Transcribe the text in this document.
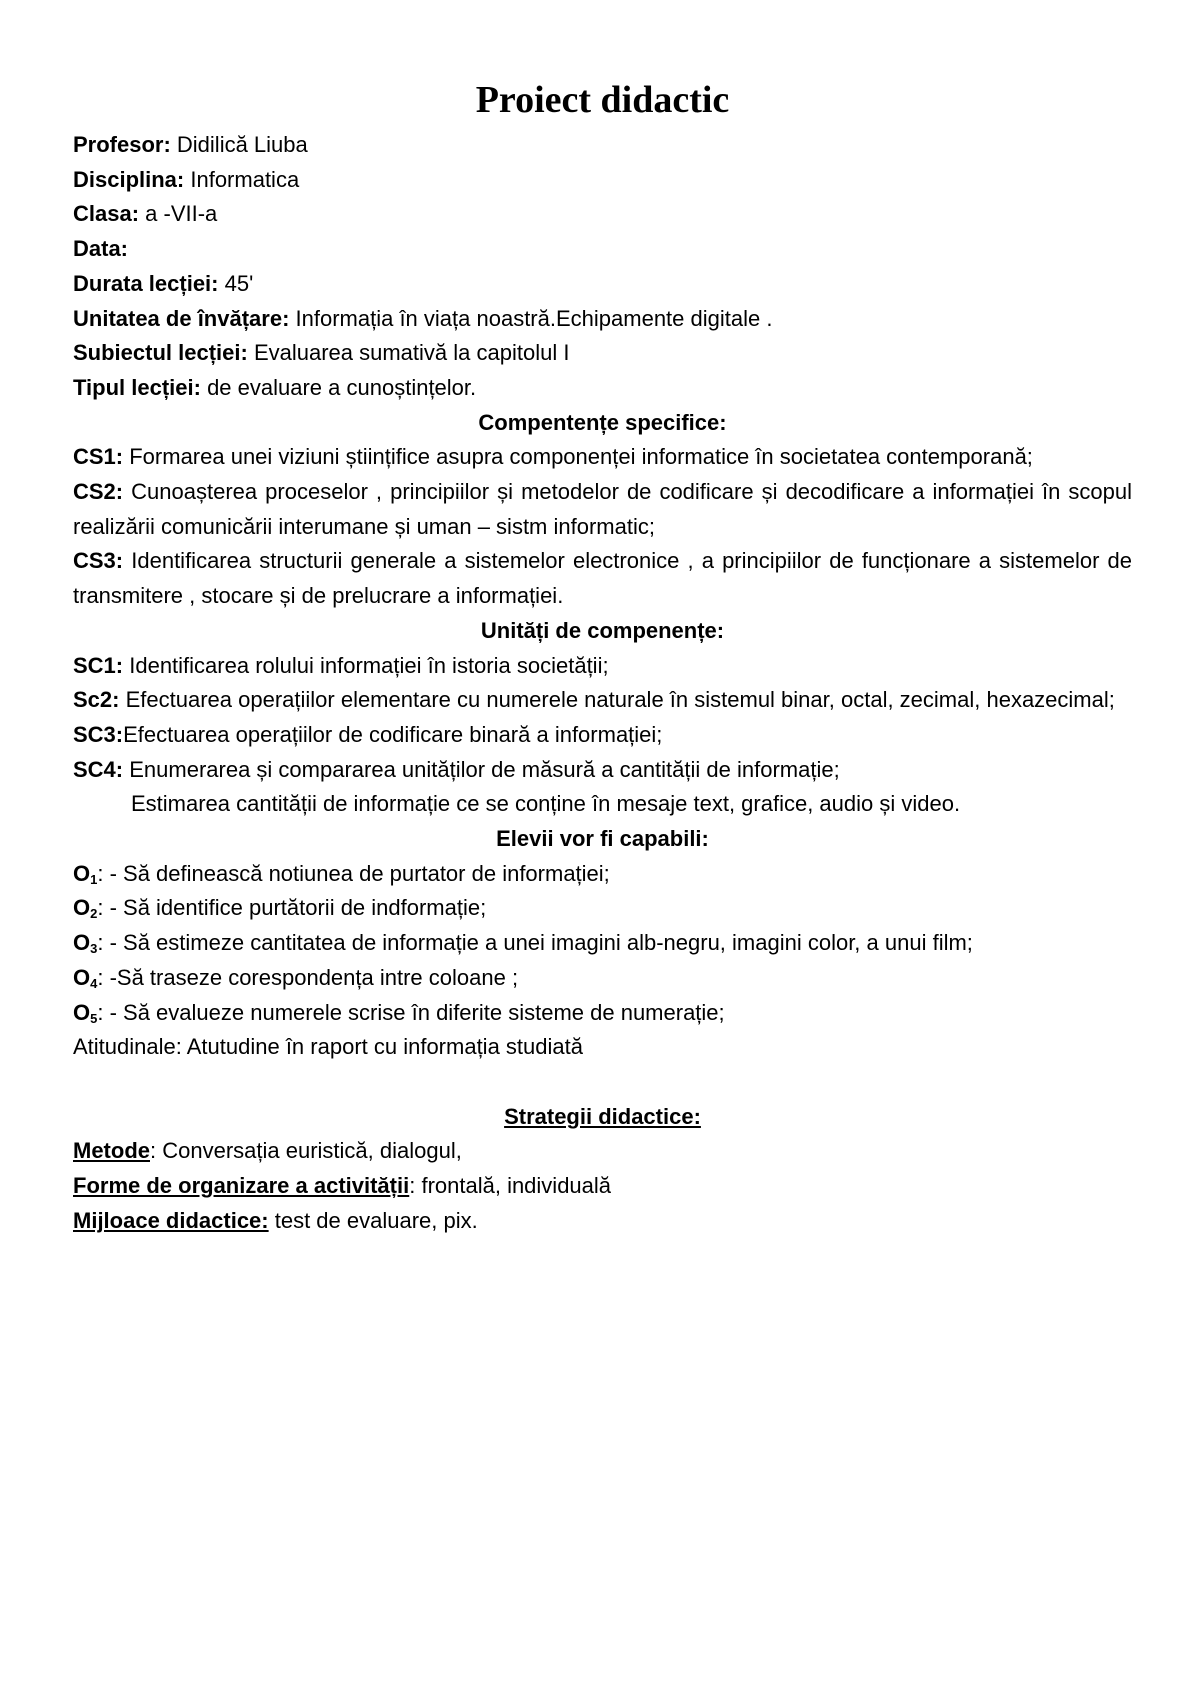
Proiect didactic
Profesor: Didilică Liuba
Disciplina: Informatica
Clasa: a -VII-a
Data:
Durata lecției: 45'
Unitatea de învățare: Informația în viața noastră.Echipamente digitale .
Subiectul lecției: Evaluarea sumativă la capitolul I
Tipul lecției: de evaluare a cunoștințelor.
Compentențe specifice:
CS1: Formarea unei viziuni științifice asupra componenței informatice în societatea contemporană;
CS2: Cunoașterea proceselor , principiilor și metodelor de codificare și decodificare a informației în scopul realizării comunicării interumane și uman – sistm informatic;
CS3: Identificarea structurii generale a sistemelor electronice , a principiilor de funcționare a sistemelor de transmitere , stocare și de prelucrare a informației.
Unități de compenențe:
SC1: Identificarea rolului informației în istoria societății;
Sc2: Efectuarea operațiilor elementare cu numerele naturale în sistemul binar, octal, zecimal, hexazecimal;
SC3:Efectuarea operațiilor de codificare binară a informației;
SC4: Enumerarea și compararea unităților de măsură a cantității de informație;
Estimarea cantității de informație ce se conține în mesaje text, grafice, audio și video.
Elevii vor fi capabili:
$O_1$: - Să definească notiunea de purtator de informației;
$O_2$: - Să identifice purtătorii de indformație;
$O_3$: - Să estimeze cantitatea de informație a unei imagini alb-negru, imagini color, a unui film;
$O_4$: -Să traseze corespondența intre coloane ;
$O_5$: - Să evalueze numerele scrise în diferite sisteme de numerație;
Atitudinale: Atutudine în raport cu informația studiată
Strategii didactice:
Metode: Conversația euristică, dialogul,
Forme de organizare a activității: frontală, individuală
Mijloace didactice: test de evaluare, pix.
